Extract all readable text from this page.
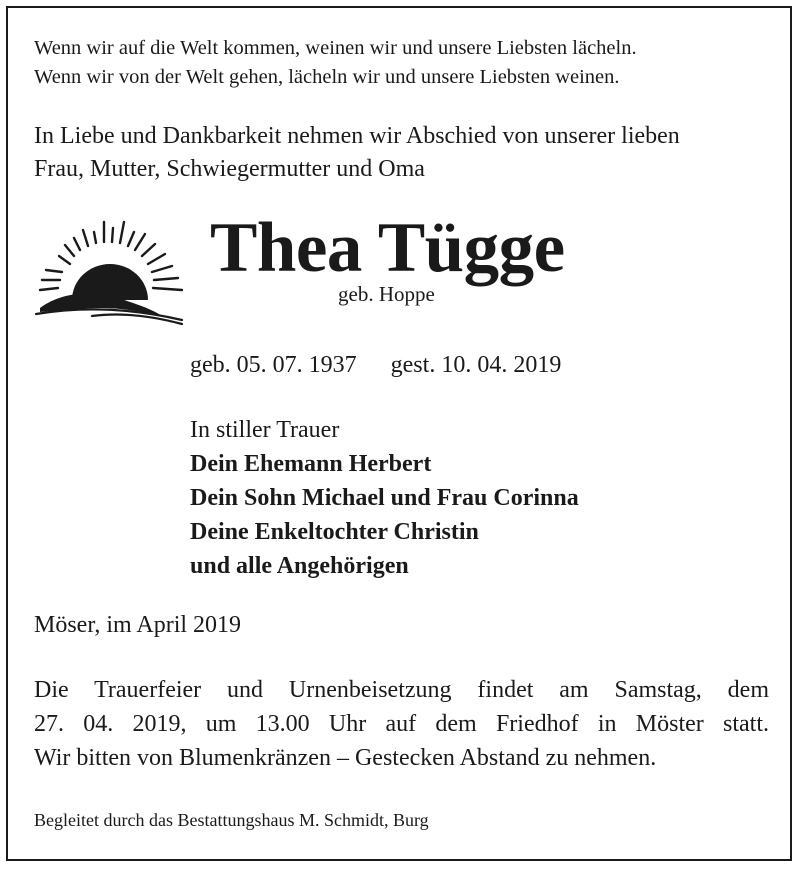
Wenn wir auf die Welt kommen, weinen wir und unsere Liebsten lächeln.
Wenn wir von der Welt gehen, lächeln wir und unsere Liebsten weinen.
In Liebe und Dankbarkeit nehmen wir Abschied von unserer lieben
Frau, Mutter, Schwiegermutter und Oma
Thea Tügge
geb. Hoppe
geb. 05. 07. 1937 gest. 10. 04. 2019
In stiller Trauer
Dein Ehemann Herbert
Dein Sohn Michael und Frau Corinna
Deine Enkeltochter Christin
und alle Angehörigen
Möser, im April 2019
Die Trauerfeier und Urnenbeisetzung findet am Samstag, dem
27. 04. 2019, um 13.00 Uhr auf dem Friedhof in Möster statt.
Wir bitten von Blumenkränzen – Gestecken Abstand zu nehmen.
Begleitet durch das Bestattungshaus M. Schmidt, Burg
